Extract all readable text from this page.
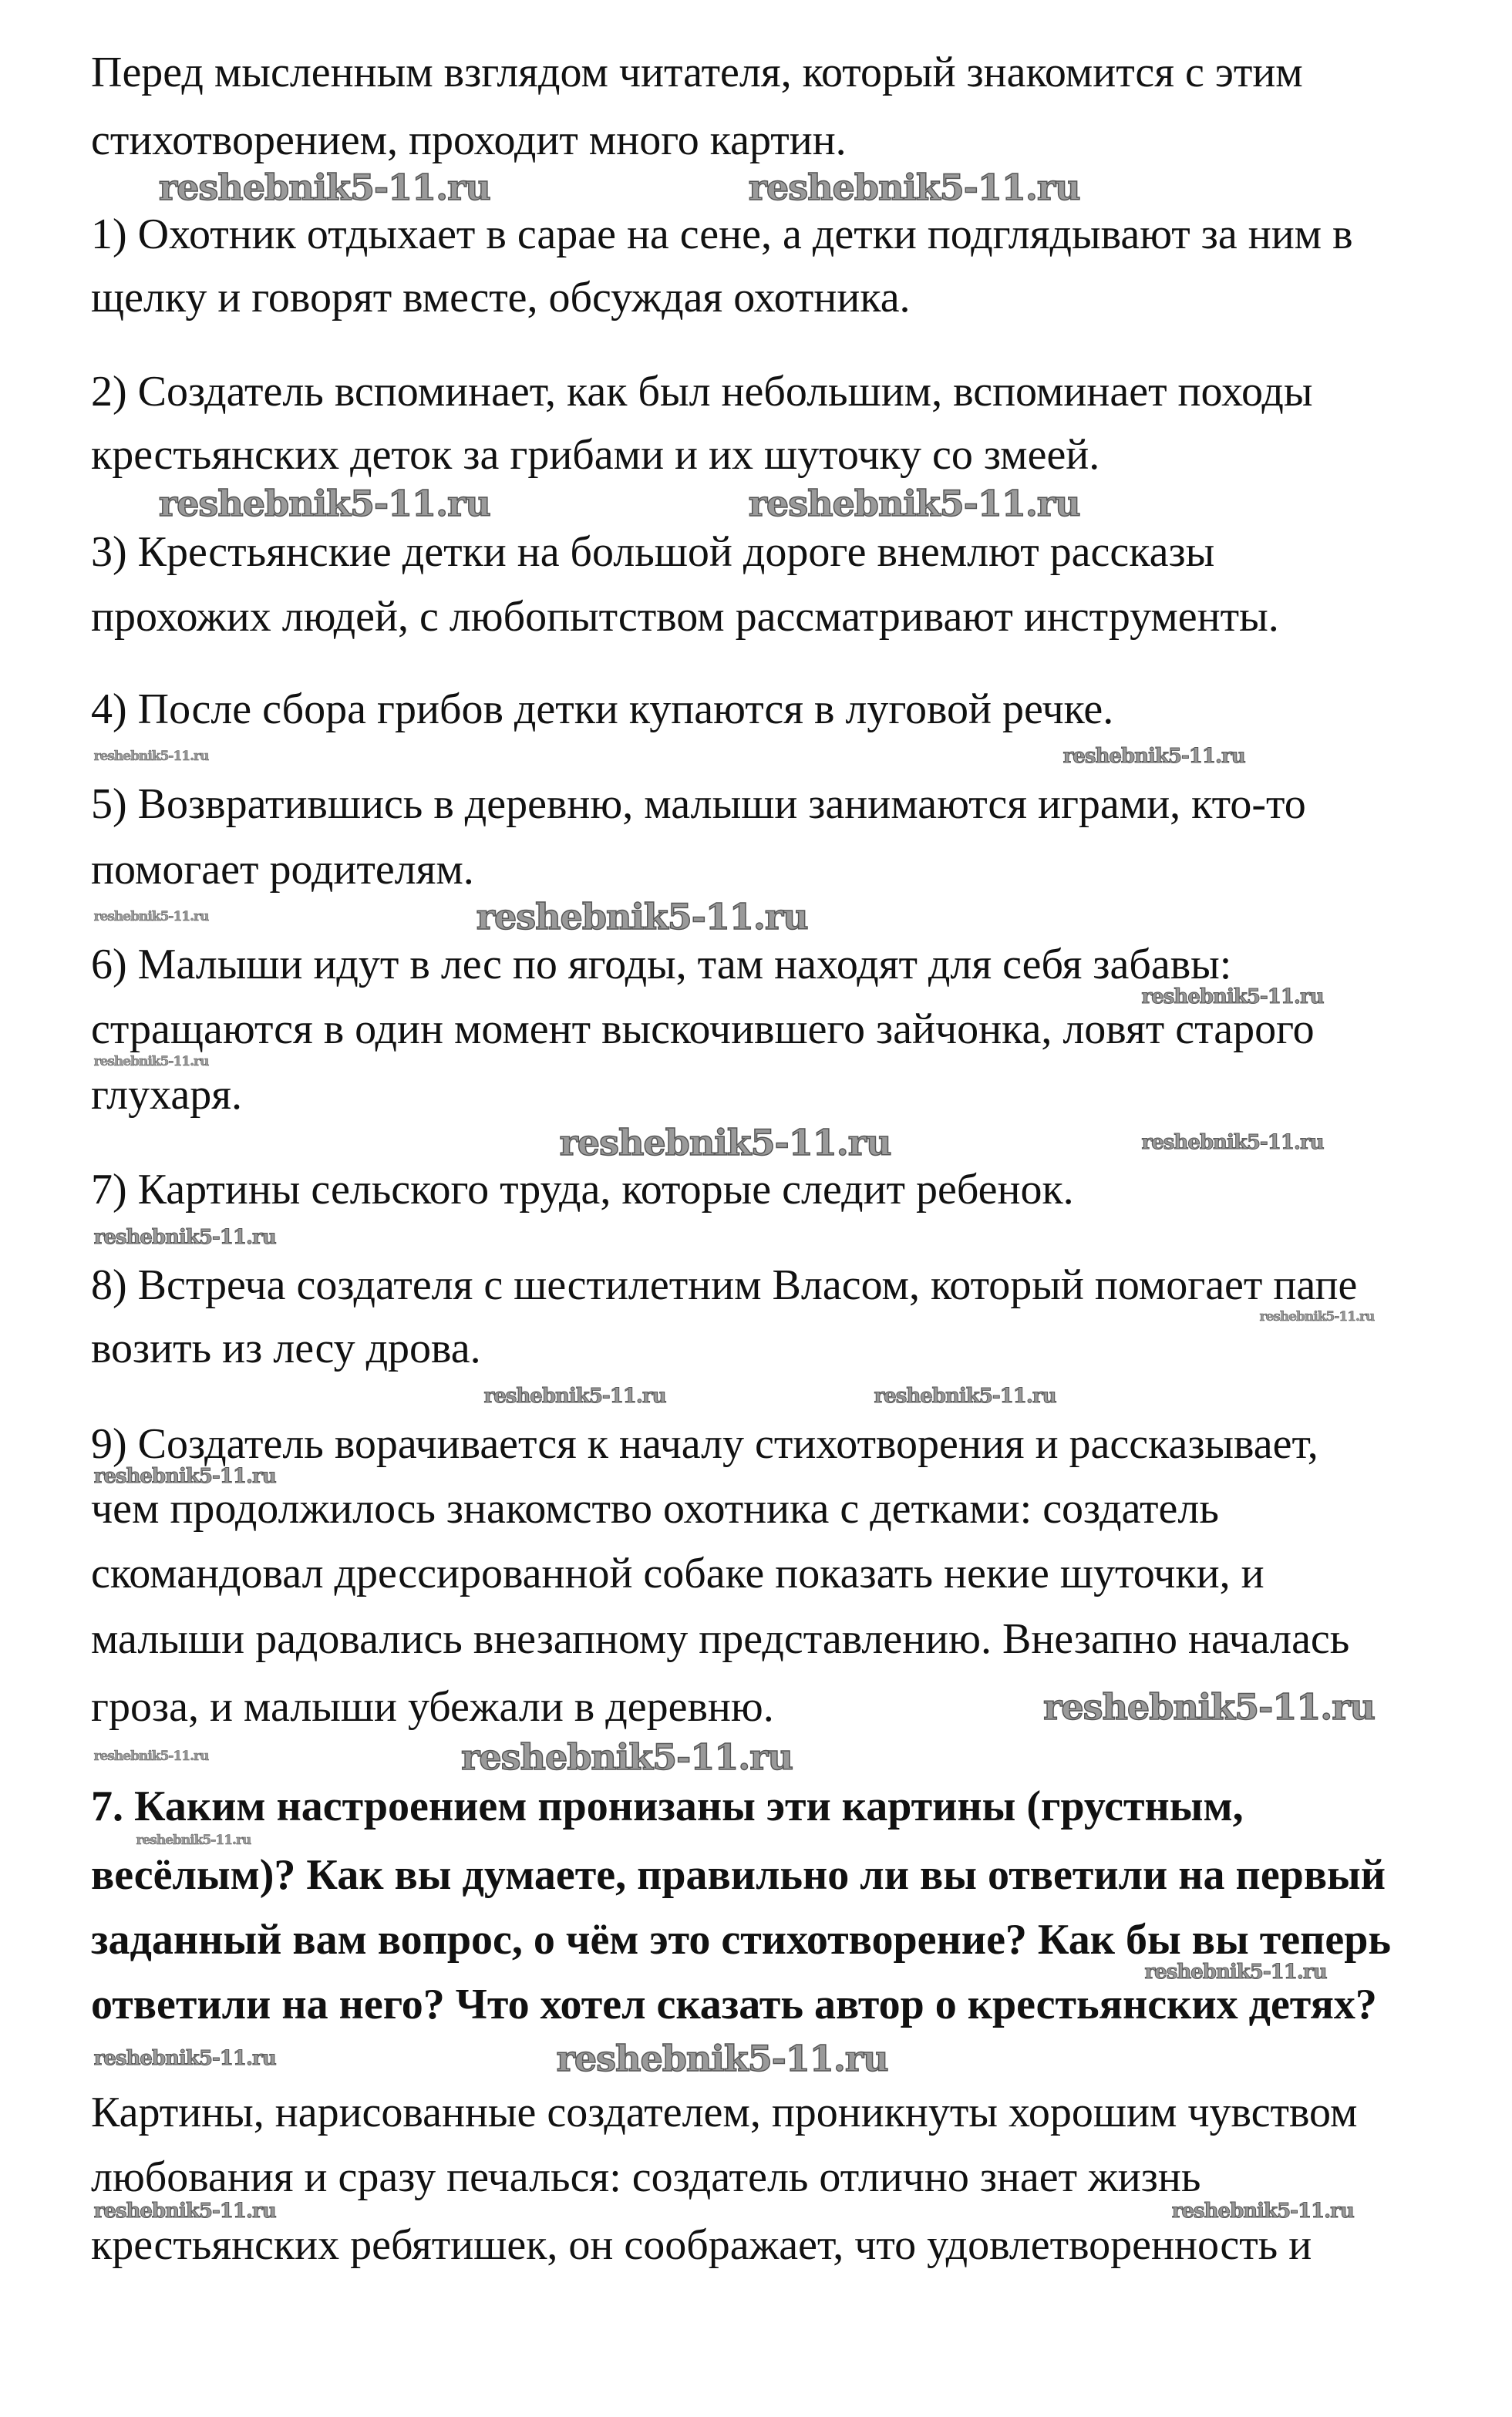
Перед мысленным взглядом читателя, который знакомится с этим
стихотворением, проходит много картин.
1) Охотник отдыхает в сарае на сене, а детки подглядывают за ним в
щелку и говорят вместе, обсуждая охотника.
2) Создатель вспоминает, как был небольшим, вспоминает походы
крестьянских деток за грибами и их шуточку со змеей.
3) Крестьянские детки на большой дороге внемлют рассказы
прохожих людей, с любопытством рассматривают инструменты.
4) После сбора грибов детки купаются в луговой речке.
5) Возвратившись в деревню, малыши занимаются играми, кто-то
помогает родителям.
6) Малыши идут в лес по ягоды, там находят для себя забавы:
стращаются в один момент выскочившего зайчонка, ловят старого
глухаря.
7) Картины сельского труда, которые следит ребенок.
8) Встреча создателя с шестилетним Власом, который помогает папе
возить из лесу дрова.
9) Создатель ворачивается к началу стихотворения и рассказывает,
чем продолжилось знакомство охотника с детками: создатель
скомандовал дрессированной собаке показать некие шуточки, и
малыши радовались внезапному представлению. Внезапно началась
гроза, и малыши убежали в деревню.
7. Каким настроением пронизаны эти картины (грустным,
весёлым)? Как вы думаете, правильно ли вы ответили на первый
заданный вам вопрос, о чём это стихотворение? Как бы вы теперь
ответили на него? Что хотел сказать автор о крестьянских детях?
Картины, нарисованные создателем, проникнуты хорошим чувством
любования и сразу печалься: создатель отлично знает жизнь
крестьянских ребятишек, он соображает, что удовлетворенность и
reshebnik5-11.ru	reshebnik5-11.ru
reshebnik5-11.ru	reshebnik5-11.ru
reshebnik5-11.ru	reshebnik5-11.ru
reshebnik5-11.ru
reshebnik5-11.ru
reshebnik5-11.ru
reshebnik5-11.ru
reshebnik5-11.ru	reshebnik5-11.ru
reshebnik5-11.ru
reshebnik5-11.ru
reshebnik5-11.ru	reshebnik5-11.ru
reshebnik5-11.ru
reshebnik5-11.ru
reshebnik5-11.ru	reshebnik5-11.ru
reshebnik5-11.ru
reshebnik5-11.ru
reshebnik5-11.ru	reshebnik5-11.ru
reshebnik5-11.ru	reshebnik5-11.ru
